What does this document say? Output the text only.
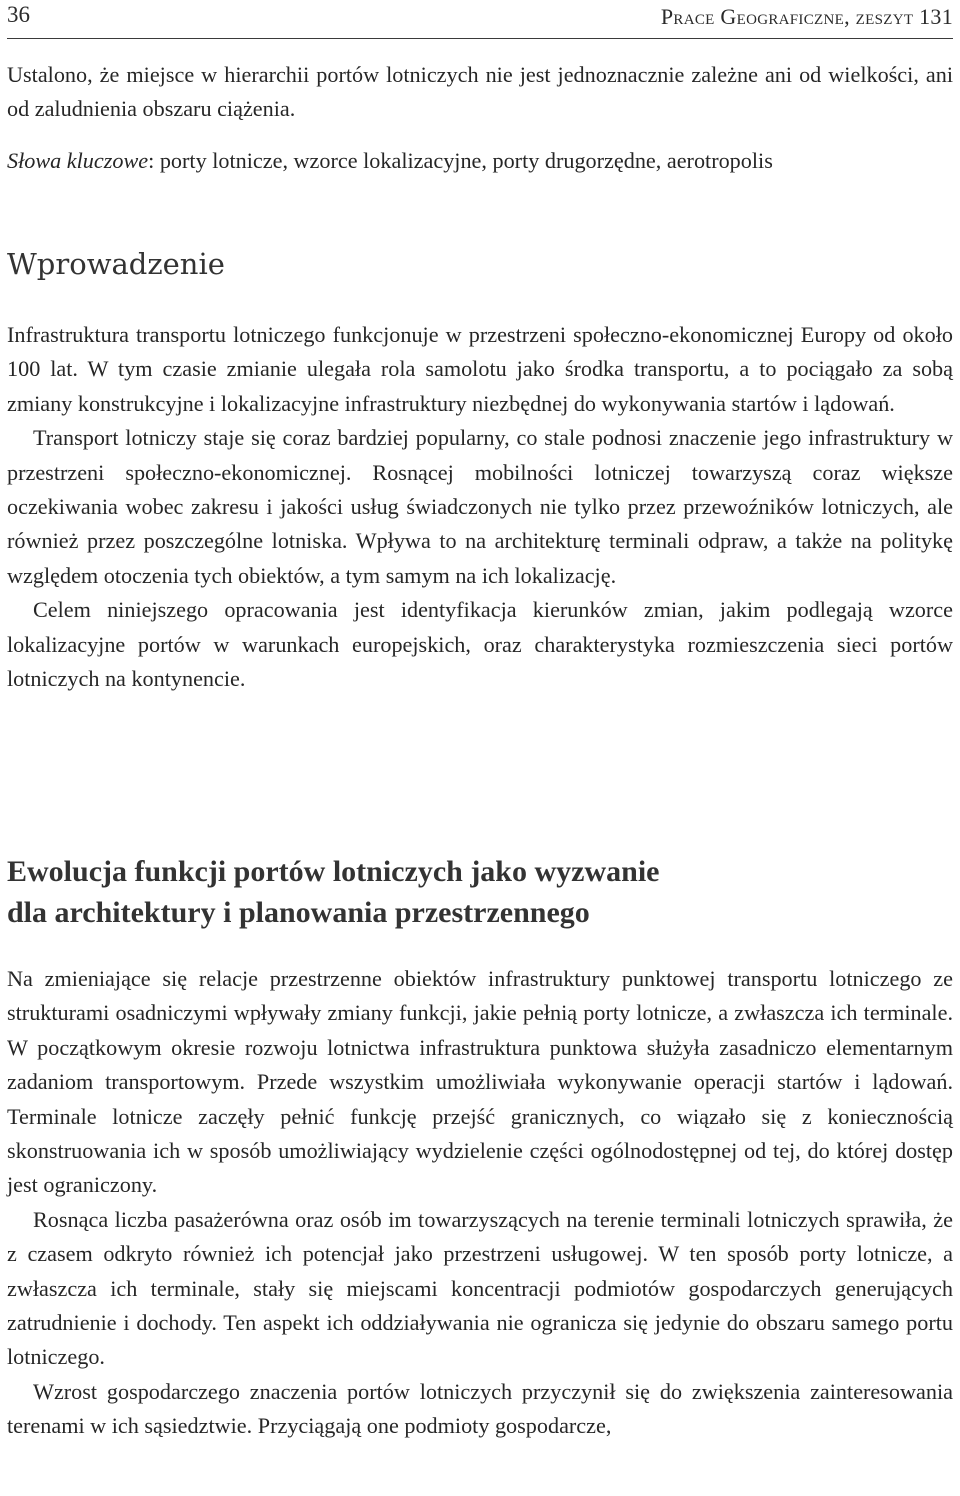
36	Prace Geograficzne, zeszyt 131

Ustalono, że miejsce w hierarchii portów lotniczych nie jest jednoznacznie zależne ani od wielkości, ani od zaludnienia obszaru ciążenia.

Słowa kluczowe: porty lotnicze, wzorce lokalizacyjne, porty drugorzędne, aerotropolis
Wprowadzenie

Infrastruktura transportu lotniczego funkcjonuje w przestrzeni społeczno-ekonomicznej Europy od około 100 lat. W tym czasie zmianie ulegała rola samolotu jako środka transportu, a to pociągało za sobą zmiany konstrukcyjne i lokalizacyjne infrastruktury niezbędnej do wykonywania startów i lądowań.

Transport lotniczy staje się coraz bardziej popularny, co stale podnosi znaczenie jego infrastruktury w przestrzeni społeczno-ekonomicznej. Rosnącej mobilności lotniczej towarzyszą coraz większe oczekiwania wobec zakresu i jakości usług świadczonych nie tylko przez przewoźników lotniczych, ale również przez poszczególne lotniska. Wpływa to na architekturę terminali odpraw, a także na politykę względem otoczenia tych obiektów, a tym samym na ich lokalizację.

Celem niniejszego opracowania jest identyfikacja kierunków zmian, jakim podlegają wzorce lokalizacyjne portów w warunkach europejskich, oraz charakterystyka rozmieszczenia sieci portów lotniczych na kontynencie.

Ewolucja funkcji portów lotniczych jako wyzwanie
dla architektury i planowania przestrzennego

Na zmieniające się relacje przestrzenne obiektów infrastruktury punktowej transportu lotniczego ze strukturami osadniczymi wpływały zmiany funkcji, jakie pełnią porty lotnicze, a zwłaszcza ich terminale. W początkowym okresie rozwoju lotnictwa infrastruktura punktowa służyła zasadniczo elementarnym zadaniom transportowym. Przede wszystkim umożliwiała wykonywanie operacji startów i lądowań. Terminale lotnicze zaczęły pełnić funkcję przejść granicznych, co wiązało się z koniecznością skonstruowania ich w sposób umożliwiający wydzielenie części ogólnodostępnej od tej, do której dostęp jest ograniczony.

Rosnąca liczba pasażerówna oraz osób im towarzyszących na terenie terminali lotniczych sprawiła, że z czasem odkryto również ich potencjał jako przestrzeni usługowej. W ten sposób porty lotnicze, a zwłaszcza ich terminale, stały się miejscami koncentracji podmiotów gospodarczych generujących zatrudnienie i dochody. Ten aspekt ich oddziaływania nie ogranicza się jedynie do obszaru samego portu lotniczego.

Wzrost gospodarczego znaczenia portów lotniczych przyczynił się do zwiększenia zainteresowania terenami w ich sąsiedztwie. Przyciągają one podmioty gospodarcze,
